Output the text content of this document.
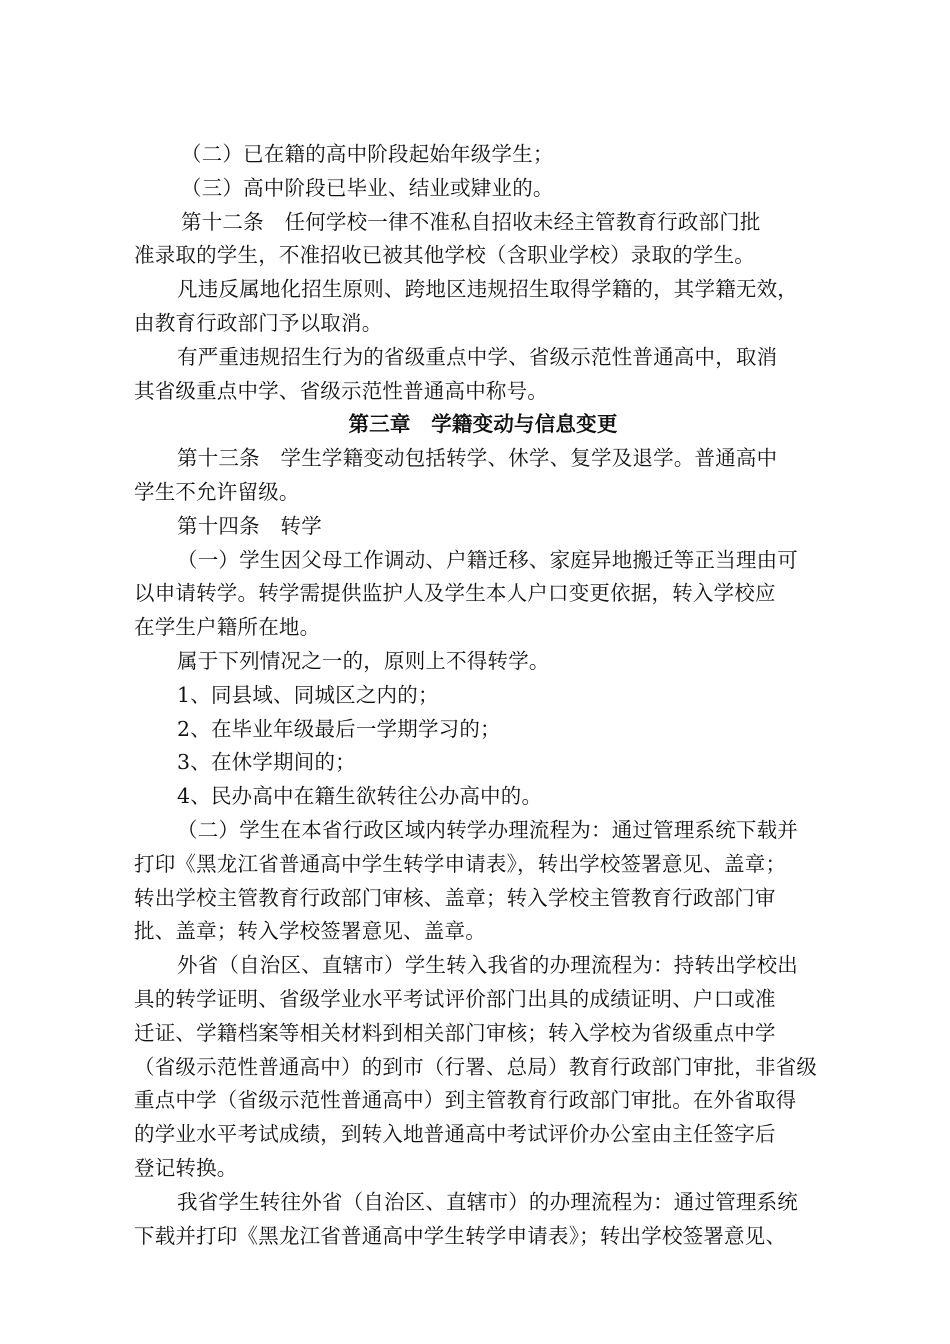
（二）已在籍的高中阶段起始年级学生；
（三）高中阶段已毕业、结业或肄业的。
第十二条　任何学校一律不准私自招收未经主管教育行政部门批
准录取的学生，不准招收已被其他学校（含职业学校）录取的学生。
凡违反属地化招生原则、跨地区违规招生取得学籍的，其学籍无效，
由教育行政部门予以取消。
有严重违规招生行为的省级重点中学、省级示范性普通高中，取消
其省级重点中学、省级示范性普通高中称号。
第三章　学籍变动与信息变更
第十三条　学生学籍变动包括转学、休学、复学及退学。普通高中
学生不允许留级。
第十四条　转学
（一）学生因父母工作调动、户籍迁移、家庭异地搬迁等正当理由可
以申请转学。转学需提供监护人及学生本人户口变更依据，转入学校应
在学生户籍所在地。
属于下列情况之一的，原则上不得转学。
1、同县域、同城区之内的；
2、在毕业年级最后一学期学习的；
3、在休学期间的；
4、民办高中在籍生欲转往公办高中的。
（二）学生在本省行政区域内转学办理流程为：通过管理系统下载并
打印《黑龙江省普通高中学生转学申请表》，转出学校签署意见、盖章；
转出学校主管教育行政部门审核、盖章；转入学校主管教育行政部门审
批、盖章；转入学校签署意见、盖章。
外省（自治区、直辖市）学生转入我省的办理流程为：持转出学校出
具的转学证明、省级学业水平考试评价部门出具的成绩证明、户口或准
迁证、学籍档案等相关材料到相关部门审核；转入学校为省级重点中学
（省级示范性普通高中）的到市（行署、总局）教育行政部门审批，非省级
重点中学（省级示范性普通高中）到主管教育行政部门审批。在外省取得
的学业水平考试成绩，到转入地普通高中考试评价办公室由主任签字后
登记转换。
我省学生转往外省（自治区、直辖市）的办理流程为：通过管理系统
下载并打印《黑龙江省普通高中学生转学申请表》；转出学校签署意见、
